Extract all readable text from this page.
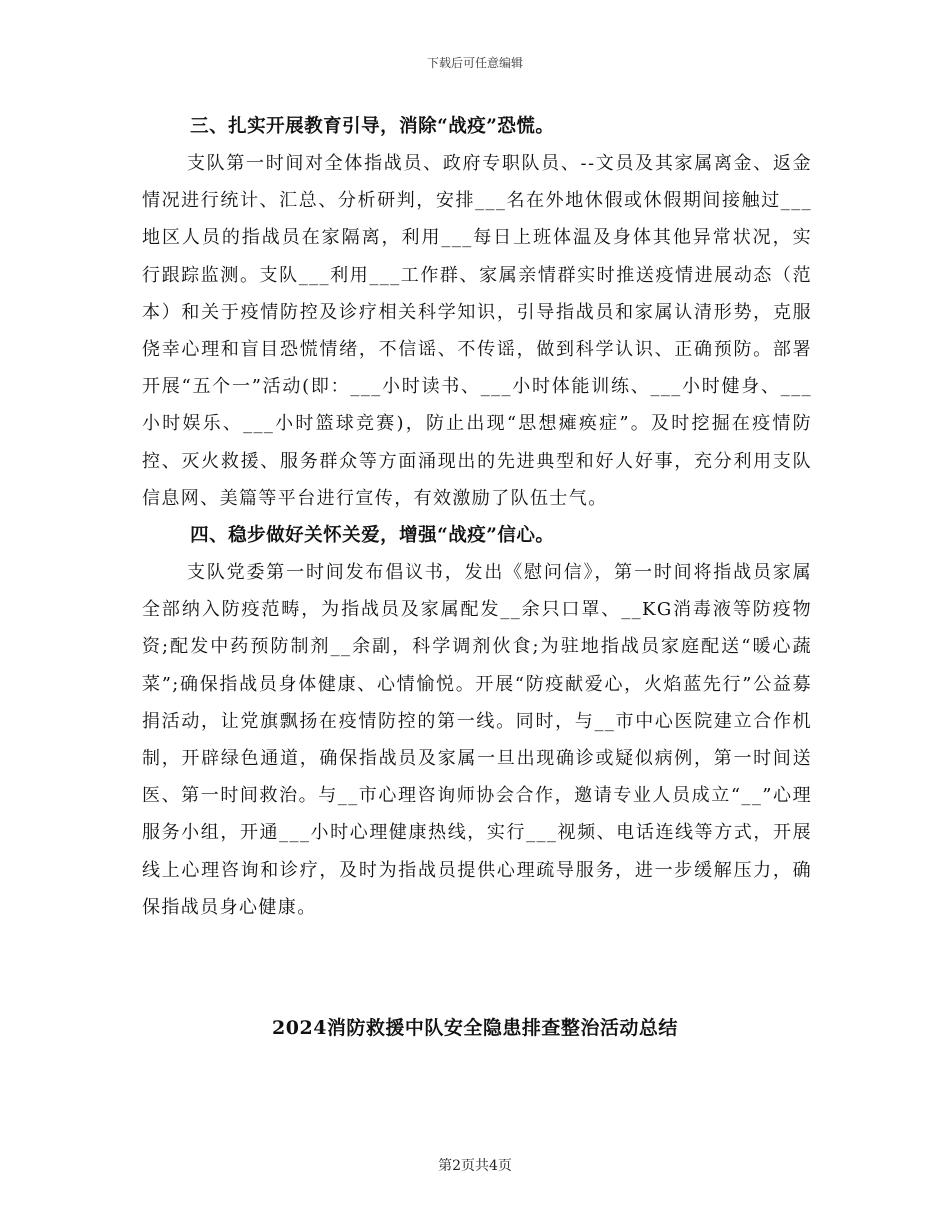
下载后可任意编辑

三、扎实开展教育引导，消除“战疫”恐慌。

支队第一时间对全体指战员、政府专职队员、--文员及其家属离金、返金情况进行统计、汇总、分析研判，安排___名在外地休假或休假期间接触过___地区人员的指战员在家隔离，利用___每日上班体温及身体其他异常状况，实行跟踪监测。支队___利用___工作群、家属亲情群实时推送疫情进展动态（范本）和关于疫情防控及诊疗相关科学知识，引导指战员和家属认清形势，克服侥幸心理和盲目恐慌情绪，不信谣、不传谣，做到科学认识、正确预防。部署开展“五个一”活动(即：___小时读书、___小时体能训练、___小时健身、___小时娱乐、___小时篮球竞赛)，防止出现“思想瘫痪症”。及时挖掘在疫情防控、灭火救援、服务群众等方面涌现出的先进典型和好人好事，充分利用支队信息网、美篇等平台进行宣传，有效激励了队伍士气。

四、稳步做好关怀关爱，增强“战疫”信心。

支队党委第一时间发布倡议书，发出《慰问信》，第一时间将指战员家属全部纳入防疫范畴，为指战员及家属配发__余只口罩、__KG消毒液等防疫物资;配发中药预防制剂__余副，科学调剂伙食;为驻地指战员家庭配送“暖心蔬菜”;确保指战员身体健康、心情愉悦。开展“防疫献爱心，火焰蓝先行”公益募捐活动，让党旗飘扬在疫情防控的第一线。同时，与__市中心医院建立合作机制，开辟绿色通道，确保指战员及家属一旦出现确诊或疑似病例，第一时间送医、第一时间救治。与__市心理咨询师协会合作，邀请专业人员成立“__”心理服务小组，开通___小时心理健康热线，实行___视频、电话连线等方式，开展线上心理咨询和诊疗，及时为指战员提供心理疏导服务，进一步缓解压力，确保指战员身心健康。

2024消防救援中队安全隐患排查整治活动总结
第2页共4页
